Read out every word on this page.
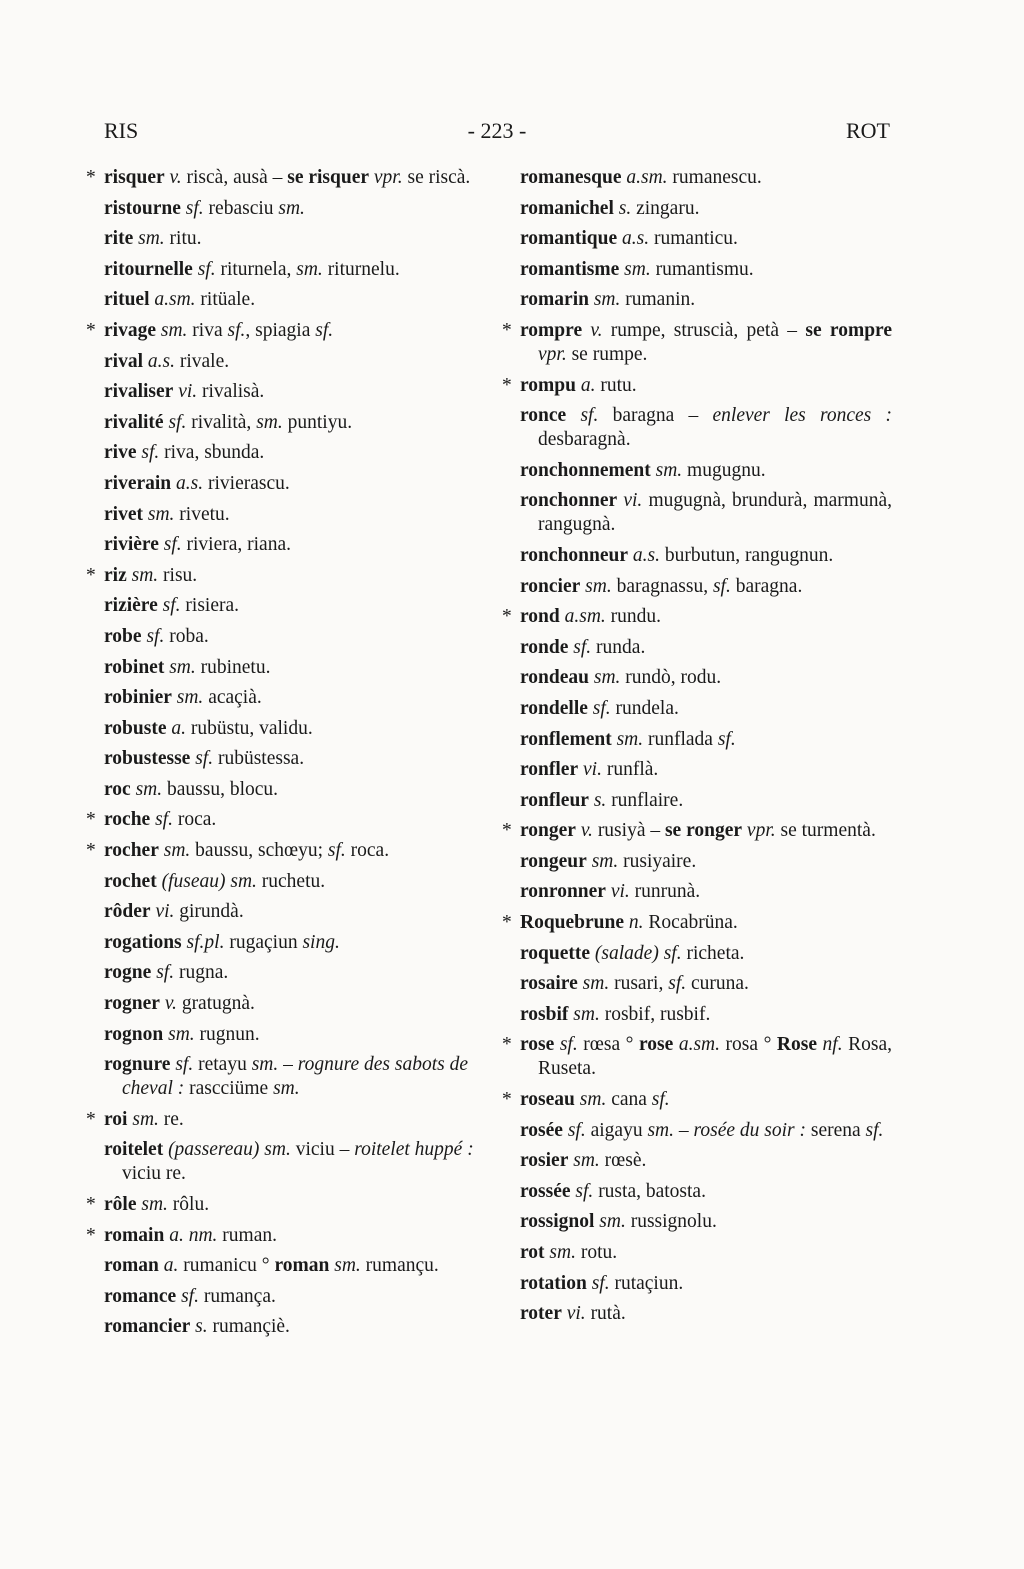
RIS	- 223 -	ROT
* risquer v. riscà, ausà – se risquer vpr. se riscà.
ristourne sf. rebasciu sm.
rite sm. ritu.
ritournelle sf. riturnela, sm. riturnelu.
rituel a.sm. ritüale.
* rivage sm. riva sf., spiagia sf.
rival a.s. rivale.
rivaliser vi. rivalisà.
rivalité sf. rivalità, sm. puntiyu.
rive sf. riva, sbunda.
riverain a.s. rivierascu.
rivet sm. rivetu.
rivière sf. riviera, riana.
* riz sm. risu.
rizière sf. risiera.
robe sf. roba.
robinet sm. rubinetu.
robinier sm. acaçià.
robuste a. rubüstu, validu.
robustesse sf. rubüstessa.
roc sm. baussu, blocu.
* roche sf. roca.
* rocher sm. baussu, schœyu; sf. roca.
rochet (fuseau) sm. ruchetu.
rôder vi. girundà.
rogations sf.pl. rugaçiun sing.
rogne sf. rugna.
rogner v. gratugnà.
rognon sm. rugnun.
rognure sf. retayu sm. – rognure des sabots de cheval : rascciüme sm.
* roi sm. re.
roitelet (passereau) sm. viciu – roitelet huppé : viciu re.
* rôle sm. rôlu.
* romain a. nm. ruman.
roman a. rumanicu ° roman sm. rumançu.
romance sf. rumança.
romancier s. rumançiè.
romanesque a.sm. rumanescu.
romanichel s. zingaru.
romantique a.s. rumanticu.
romantisme sm. rumantismu.
romarin sm. rumanin.
* rompre v. rumpe, struscià, petà – se rompre vpr. se rumpe.
* rompu a. rutu.
ronce sf. baragna – enlever les ronces : desbaragnà.
ronchonnement sm. mugugnu.
ronchonner vi. mugugnà, brundurà, marmunà, rangugnà.
ronchonneur a.s. burbutun, rangugnun.
roncier sm. baragnassu, sf. baragna.
* rond a.sm. rundu.
ronde sf. runda.
rondeau sm. rundò, rodu.
rondelle sf. rundela.
ronflement sm. runflada sf.
ronfler vi. runflà.
ronfleur s. runflaire.
* ronger v. rusiyà – se ronger vpr. se turmentà.
rongeur sm. rusiyaire.
ronronner vi. runrunà.
* Roquebrune n. Rocabrüna.
roquette (salade) sf. richeta.
rosaire sm. rusari, sf. curuna.
rosbif sm. rosbif, rusbif.
* rose sf. rœsa ° rose a.sm. rosa ° Rose nf. Rosa, Ruseta.
* roseau sm. cana sf.
rosée sf. aigayu sm. – rosée du soir : serena sf.
rosier sm. rœsè.
rossée sf. rusta, batosta.
rossignol sm. russignolu.
rot sm. rotu.
rotation sf. rutaçiun.
roter vi. rutà.
